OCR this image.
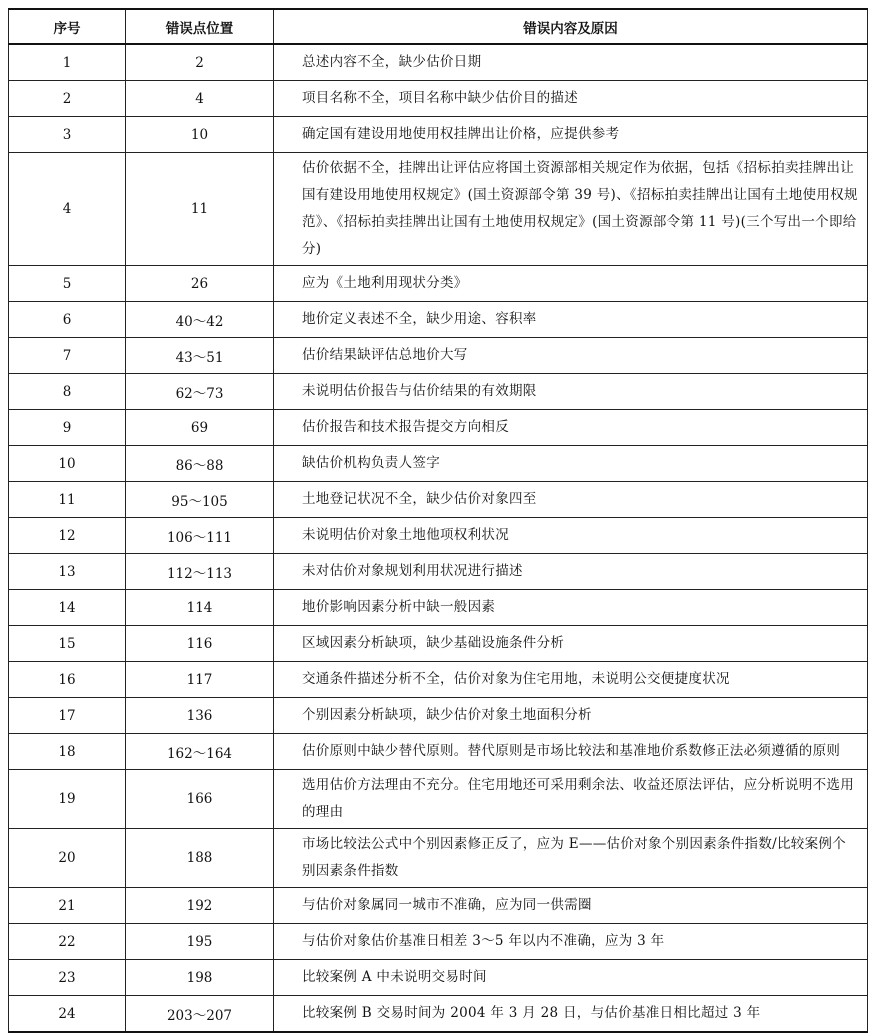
序号	错误点位置	错误内容及原因
1	2	总述内容不全，缺少估价日期
2	4	项目名称不全，项目名称中缺少估价目的描述
3	10	确定国有建设用地使用权挂牌出让价格，应提供参考
4	11	估价依据不全，挂牌出让评估应将国土资源部相关规定作为依据，包括《招标拍卖挂牌出让国有建设用地使用权规定》(国土资源部令第 39 号)、《招标拍卖挂牌出让国有土地使用权规范》、《招标拍卖挂牌出让国有土地使用权规定》(国土资源部令第 11 号)(三个写出一个即给分)
5	26	应为《土地利用现状分类》
6	40～42	地价定义表述不全，缺少用途、容积率
7	43～51	估价结果缺评估总地价大写
8	62～73	未说明估价报告与估价结果的有效期限
9	69	估价报告和技术报告提交方向相反
10	86～88	缺估价机构负责人签字
11	95～105	土地登记状况不全，缺少估价对象四至
12	106～111	未说明估价对象土地他项权利状况
13	112～113	未对估价对象规划利用状况进行描述
14	114	地价影响因素分析中缺一般因素
15	116	区域因素分析缺项，缺少基础设施条件分析
16	117	交通条件描述分析不全，估价对象为住宅用地，未说明公交便捷度状况
17	136	个别因素分析缺项，缺少估价对象土地面积分析
18	162～164	估价原则中缺少替代原则。替代原则是市场比较法和基准地价系数修正法必须遵循的原则
19	166	选用估价方法理由不充分。住宅用地还可采用剩余法、收益还原法评估，应分析说明不选用的理由
20	188	市场比较法公式中个别因素修正反了，应为 E——估价对象个别因素条件指数/比较案例个别因素条件指数
21	192	与估价对象属同一城市不准确，应为同一供需圈
22	195	与估价对象估价基准日相差 3～5 年以内不准确，应为 3 年
23	198	比较案例 A 中未说明交易时间
24	203～207	比较案例 B 交易时间为 2004 年 3 月 28 日，与估价基准日相比超过 3 年
